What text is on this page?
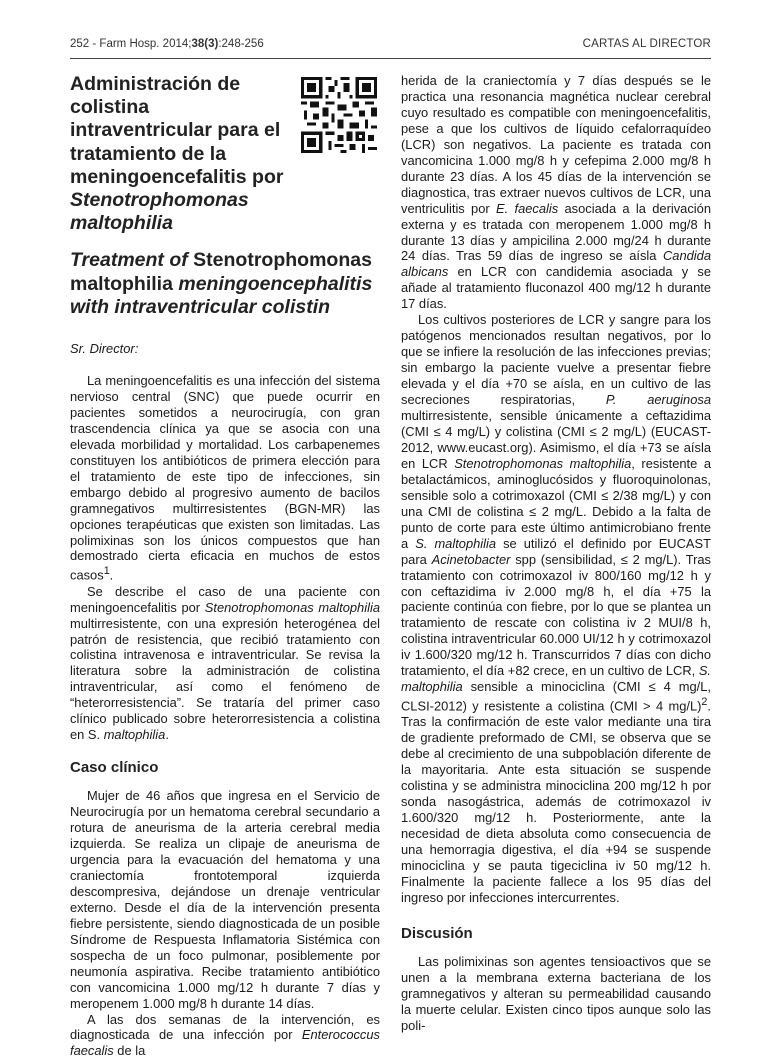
252 - Farm Hosp. 2014;38(3):248-256	CARTAS AL DIRECTOR
Administración de colistina intraventricular para el tratamiento de la meningoencefalitis por Stenotrophomonas maltophilia
Treatment of Stenotrophomonas maltophilia meningoencephalitis with intraventricular colistin
Sr. Director:

La meningoencefalitis es una infección del sistema nervioso central (SNC) que puede ocurrir en pacientes sometidos a neurocirugía, con gran trascendencia clínica ya que se asocia con una elevada morbilidad y mortalidad. Los carbapenemes constituyen los antibióticos de primera elección para el tratamiento de este tipo de infecciones, sin embargo debido al progresivo aumento de bacilos gramnegativos multirresistentes (BGN-MR) las opciones terapéuticas que existen son limitadas. Las polimixinas son los únicos compuestos que han demostrado cierta eficacia en muchos de estos casos$^1$.

Se describe el caso de una paciente con meningoencefalitis por Stenotrophomonas maltophilia multirresistente, con una expresión heterogénea del patrón de resistencia, que recibió tratamiento con colistina intravenosa e intraventricular. Se revisa la literatura sobre la administración de colistina intraventricular, así como el fenómeno de “heterorresistencia”. Se trataría del primer caso clínico publicado sobre heterorresistencia a colistina en S. maltophilia.

Caso clínico

Mujer de 46 años que ingresa en el Servicio de Neurocirugía por un hematoma cerebral secundario a rotura de aneurisma de la arteria cerebral media izquierda. Se realiza un clipaje de aneurisma de urgencia para la evacuación del hematoma y una craniectomía frontotemporal izquierda descompresiva, dejándose un drenaje ventricular externo. Desde el día de la intervención presenta fiebre persistente, siendo diagnosticada de un posible Síndrome de Respuesta Inflamatoria Sistémica con sospecha de un foco pulmonar, posiblemente por neumonía aspirativa. Recibe tratamiento antibiótico con vancomicina 1.000 mg/12 h durante 7 días y meropenem 1.000 mg/8 h durante 14 días.

A las dos semanas de la intervención, es diagnosticada de una infección por Enterococcus faecalis de la

herida de la craniectomía y 7 días después se le practica una resonancia magnética nuclear cerebral cuyo resultado es compatible con meningoencefalitis, pese a que los cultivos de líquido cefalorraquídeo (LCR) son negativos. La paciente es tratada con vancomicina 1.000 mg/8 h y cefepima 2.000 mg/8 h durante 23 días. A los 45 días de la intervención se diagnostica, tras extraer nuevos cultivos de LCR, una ventriculitis por E. faecalis asociada a la derivación externa y es tratada con meropenem 1.000 mg/8 h durante 13 días y ampicilina 2.000 mg/24 h durante 24 días. Tras 59 días de ingreso se aísla Candida albicans en LCR con candidemia asociada y se añade al tratamiento fluconazol 400 mg/12 h durante 17 días.

Los cultivos posteriores de LCR y sangre para los patógenos mencionados resultan negativos, por lo que se infiere la resolución de las infecciones previas; sin embargo la paciente vuelve a presentar fiebre elevada y el día +70 se aísla, en un cultivo de las secreciones respiratorias, P. aeruginosa multirresistente, sensible únicamente a ceftazidima (CMI ≤ 4 mg/L) y colistina (CMI ≤ 2 mg/L) (EUCAST-2012, www.eucast.org). Asimismo, el día +73 se aísla en LCR Stenotrophomonas maltophilia, resistente a betalactámicos, aminoglucósidos y fluoroquinolonas, sensible solo a cotrimoxazol (CMI ≤ 2/38 mg/L) y con una CMI de colistina ≤ 2 mg/L. Debido a la falta de punto de corte para este último antimicrobiano frente a S. maltophilia se utilizó el definido por EUCAST para Acinetobacter spp (sensibilidad, ≤ 2 mg/L). Tras tratamiento con cotrimoxazol iv 800/160 mg/12 h y con ceftazidima iv 2.000 mg/8 h, el día +75 la paciente continúa con fiebre, por lo que se plantea un tratamiento de rescate con colistina iv 2 MUI/8 h, colistina intraventricular 60.000 UI/12 h y cotrimoxazol iv 1.600/320 mg/12 h. Transcurridos 7 días con dicho tratamiento, el día +82 crece, en un cultivo de LCR, S. maltophilia sensible a minociclina (CMI ≤ 4 mg/L, CLSI-2012) y resistente a colistina (CMI > 4 mg/L)$^2$. Tras la confirmación de este valor mediante una tira de gradiente preformado de CMI, se observa que se debe al crecimiento de una subpoblación diferente de la mayoritaria. Ante esta situación se suspende colistina y se administra minociclina 200 mg/12 h por sonda nasogástrica, además de cotrimoxazol iv 1.600/320 mg/12 h. Posteriormente, ante la necesidad de dieta absoluta como consecuencia de una hemorragia digestiva, el día +94 se suspende minociclina y se pauta tigeciclina iv 50 mg/12 h. Finalmente la paciente fallece a los 95 días del ingreso por infecciones intercurrentes.

Discusión

Las polimixinas son agentes tensioactivos que se unen a la membrana externa bacteriana de los gramnegativos y alteran su permeabilidad causando la muerte celular. Existen cinco tipos aunque solo las poli-
